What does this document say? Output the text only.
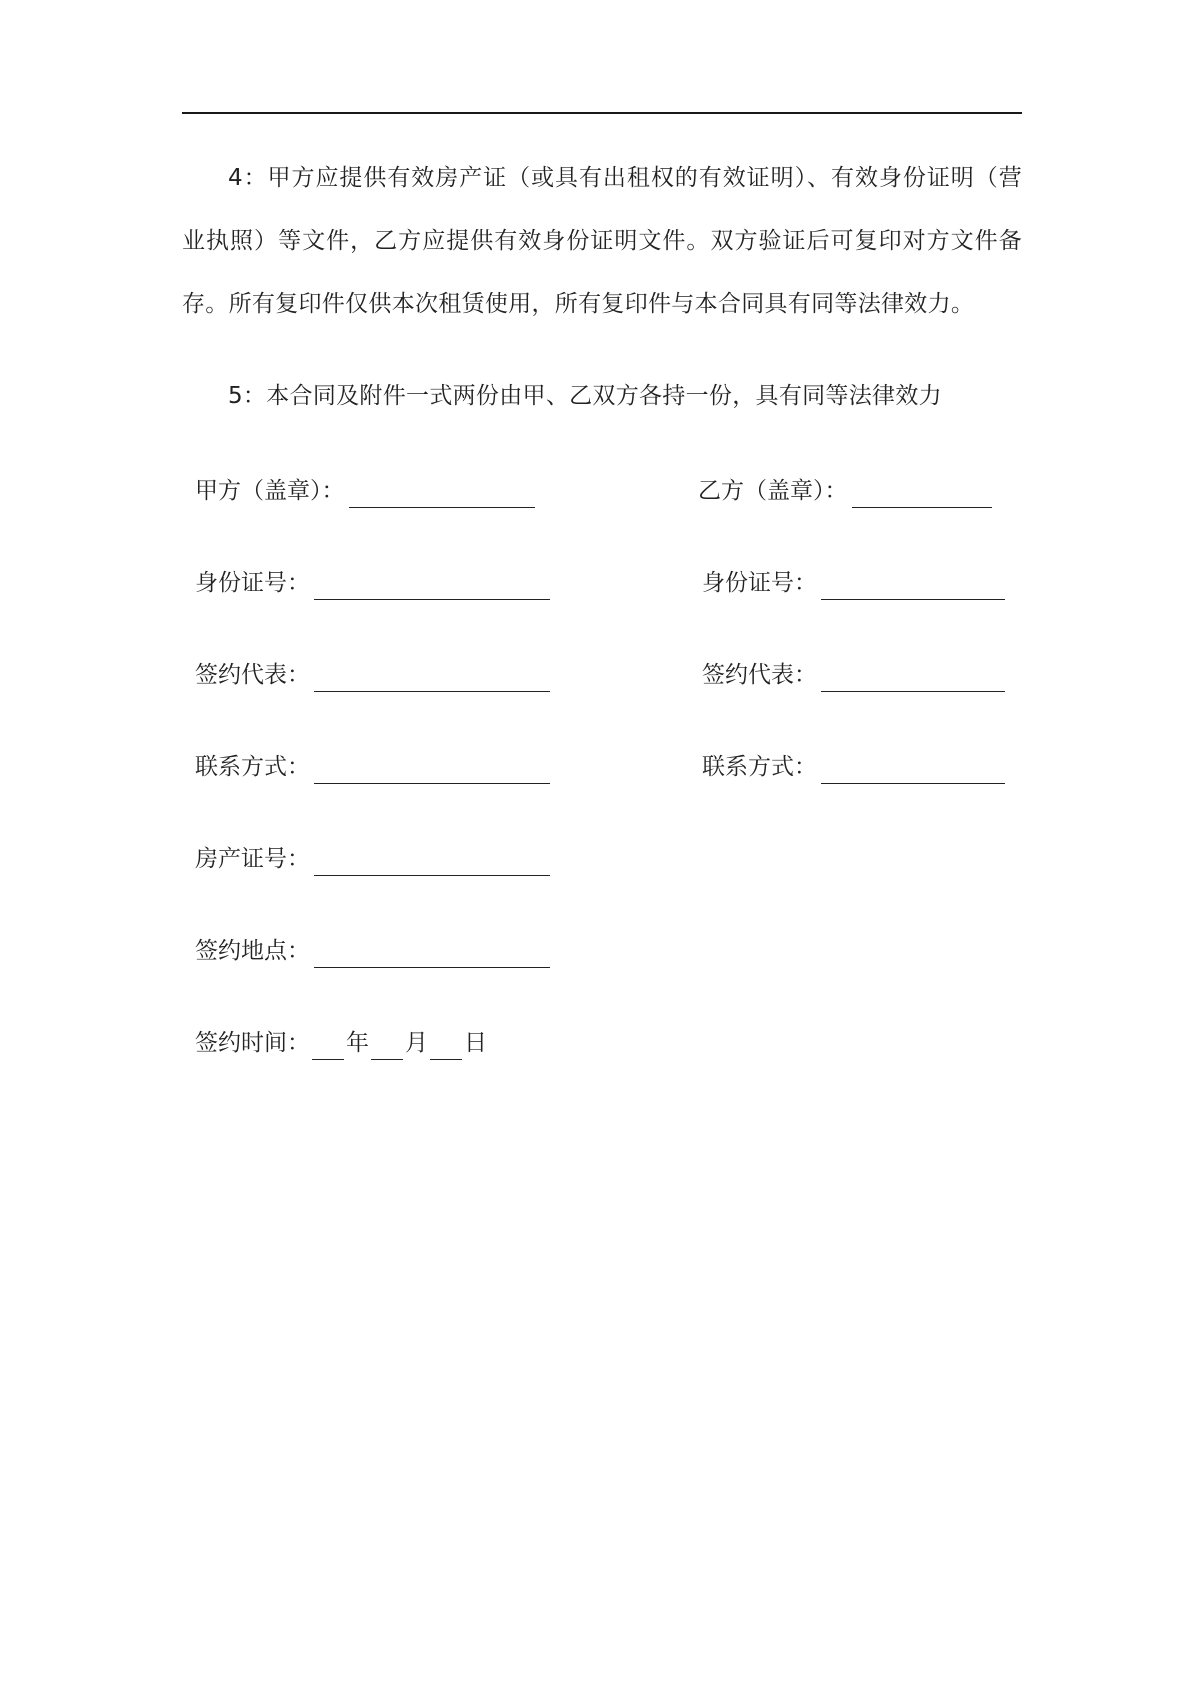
4：甲方应提供有效房产证（或具有出租权的有效证明）、有效身份证明（营业执照）等文件，乙方应提供有效身份证明文件。双方验证后可复印对方文件备存。所有复印件仅供本次租赁使用，所有复印件与本合同具有同等法律效力。

5：本合同及附件一式两份由甲、乙双方各持一份，具有同等法律效力

甲方（盖章）：
身份证号：
签约代表：
联系方式：
房产证号：
签约地点：
签约时间： 年 月 日
乙方（盖章）：
身份证号：
签约代表：
联系方式：
